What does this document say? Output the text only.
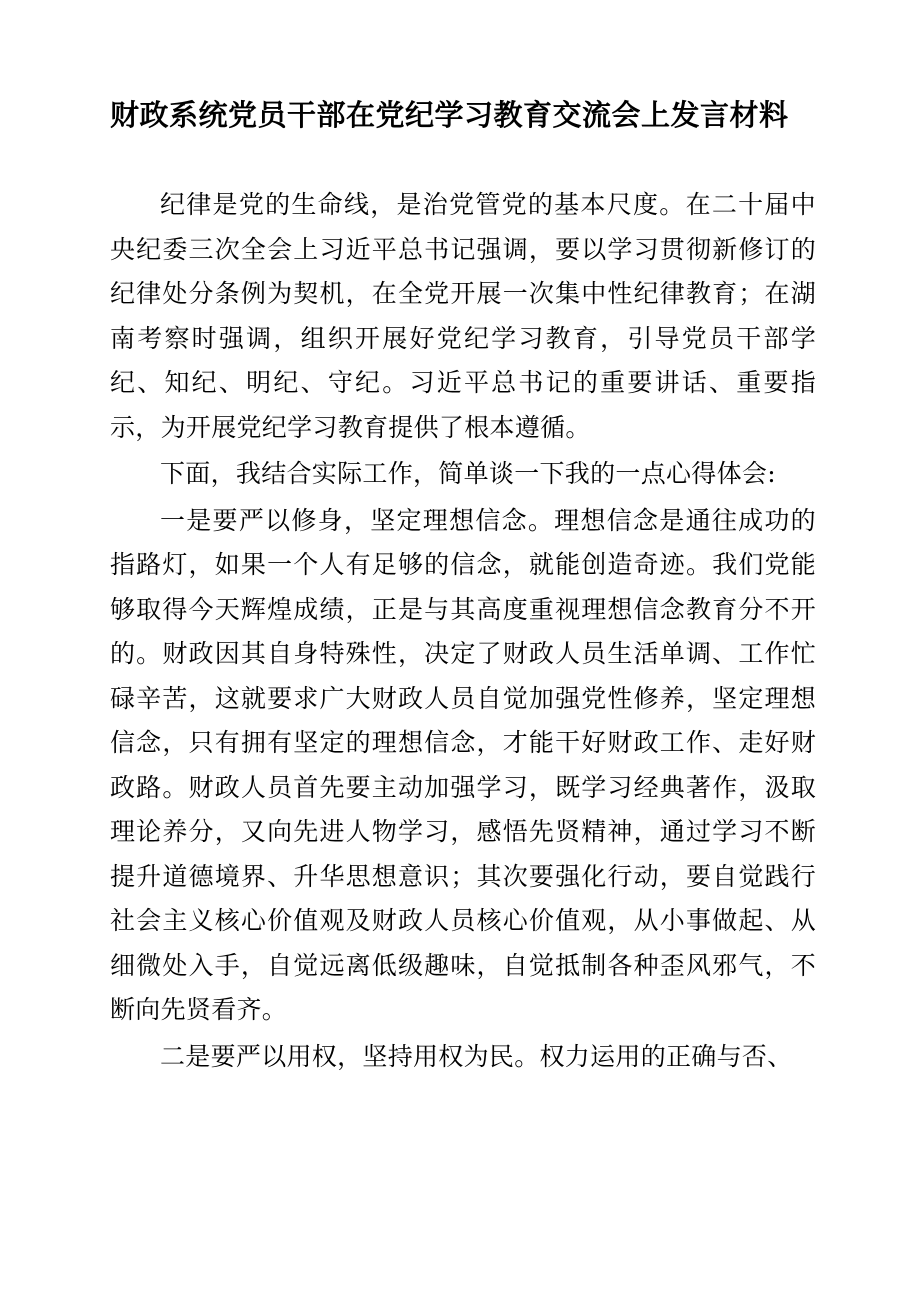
财政系统党员干部在党纪学习教育交流会上发言材料

纪律是党的生命线，是治党管党的基本尺度。在二十届中央纪委三次全会上习近平总书记强调，要以学习贯彻新修订的纪律处分条例为契机，在全党开展一次集中性纪律教育；在湖南考察时强调，组织开展好党纪学习教育，引导党员干部学纪、知纪、明纪、守纪。习近平总书记的重要讲话、重要指示，为开展党纪学习教育提供了根本遵循。

下面，我结合实际工作，简单谈一下我的一点心得体会:

一是要严以修身，坚定理想信念。理想信念是通往成功的指路灯，如果一个人有足够的信念，就能创造奇迹。我们党能够取得今天辉煌成绩，正是与其高度重视理想信念教育分不开的。财政因其自身特殊性，决定了财政人员生活单调、工作忙碌辛苦，这就要求广大财政人员自觉加强党性修养，坚定理想信念，只有拥有坚定的理想信念，才能干好财政工作、走好财政路。财政人员首先要主动加强学习，既学习经典著作，汲取理论养分，又向先进人物学习，感悟先贤精神，通过学习不断提升道德境界、升华思想意识；其次要强化行动，要自觉践行社会主义核心价值观及财政人员核心价值观，从小事做起、从细微处入手，自觉远离低级趣味，自觉抵制各种歪风邪气，不断向先贤看齐。

二是要严以用权，坚持用权为民。权力运用的正确与否、
